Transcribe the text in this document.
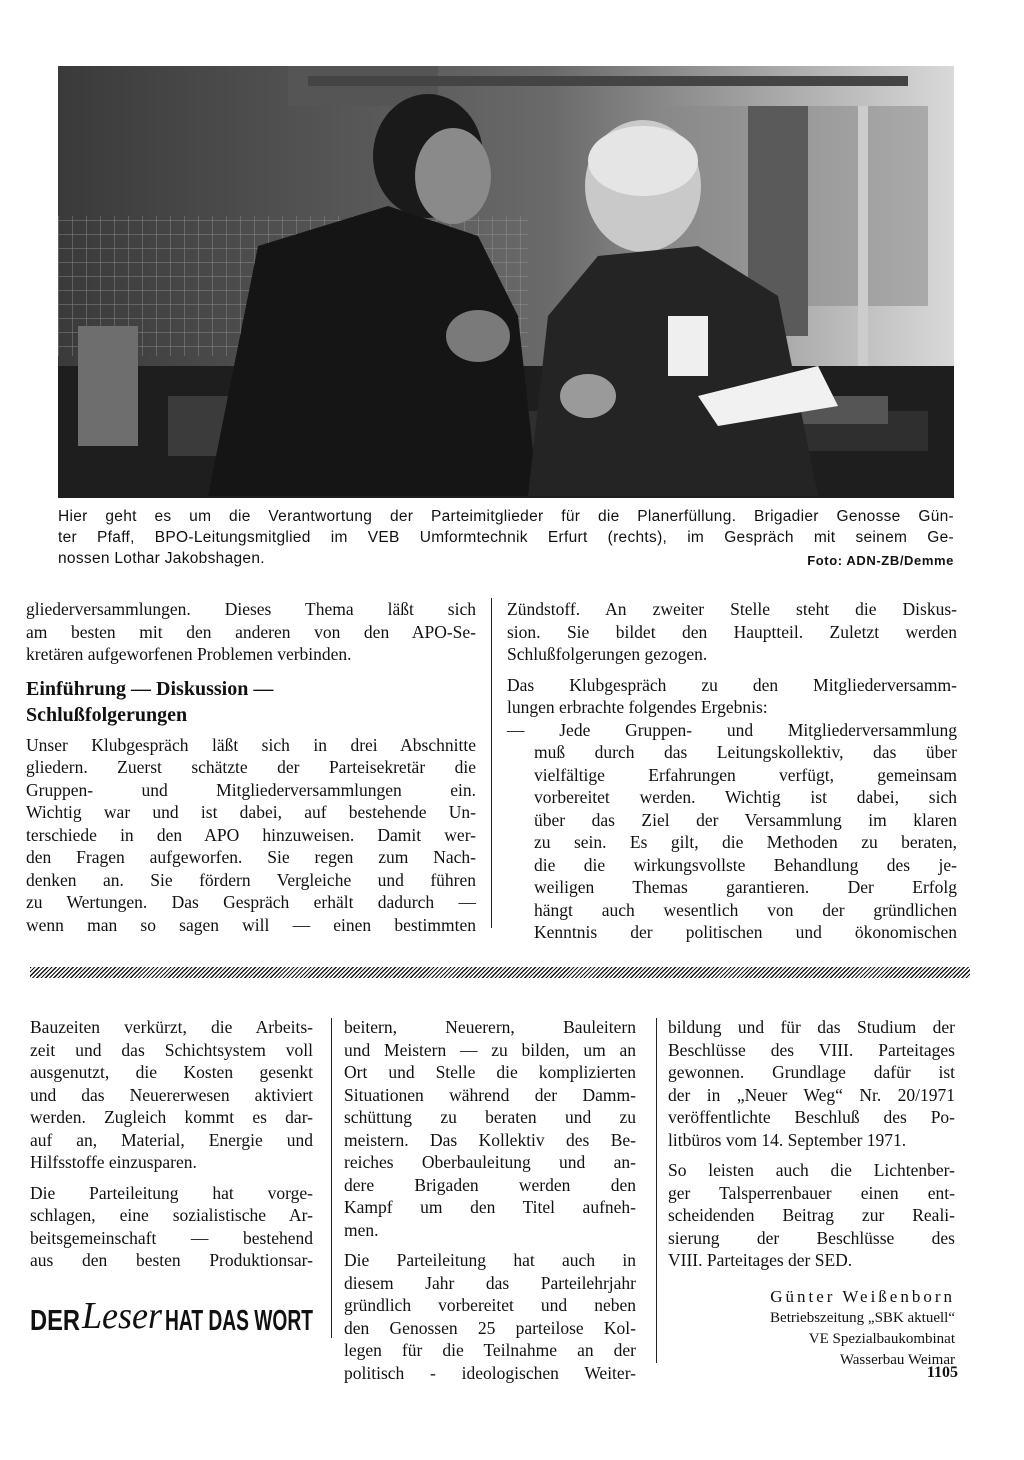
Hier geht es um die Verantwortung der Parteimitglieder für die Planerfüllung. Brigadier Genosse Gün-
ter Pfaff, BPO-Leitungsmitglied im VEB Umformtechnik Erfurt (rechts), im Gespräch mit seinem Ge-
nossen Lothar Jakobshagen.	Foto: ADN-ZB/Demme
gliederversammlungen. Dieses Thema läßt sich
am besten mit den anderen von den APO-Se-
kretären aufgeworfenen Problemen verbinden.
Einführung — Diskussion —
Schlußfolgerungen
Unser Klubgespräch läßt sich in drei Abschnitte
gliedern. Zuerst schätzte der Parteisekretär die
Gruppen- und Mitgliederversammlungen ein.
Wichtig war und ist dabei, auf bestehende Un-
terschiede in den APO hinzuweisen. Damit wer-
den Fragen aufgeworfen. Sie regen zum Nach-
denken an. Sie fördern Vergleiche und führen
zu Wertungen. Das Gespräch erhält dadurch —
wenn man so sagen will — einen bestimmten
Zündstoff. An zweiter Stelle steht die Diskus-
sion. Sie bildet den Hauptteil. Zuletzt werden
Schlußfolgerungen gezogen.
Das Klubgespräch zu den Mitgliederversamm-
lungen erbrachte folgendes Ergebnis:
— Jede Gruppen- und Mitgliederversammlung
muß durch das Leitungskollektiv, das über
vielfältige Erfahrungen verfügt, gemeinsam
vorbereitet werden. Wichtig ist dabei, sich
über das Ziel der Versammlung im klaren
zu sein. Es gilt, die Methoden zu beraten,
die die wirkungsvollste Behandlung des je-
weiligen Themas garantieren. Der Erfolg
hängt auch wesentlich von der gründlichen
Kenntnis der politischen und ökonomischen
Bauzeiten verkürzt, die Arbeits-
zeit und das Schichtsystem voll
ausgenutzt, die Kosten gesenkt
und das Neuererwesen aktiviert
werden. Zugleich kommt es dar-
auf an, Material, Energie und
Hilfsstoffe einzusparen.
Die Parteileitung hat vorge-
schlagen, eine sozialistische Ar-
beitsgemeinschaft — bestehend
aus den besten Produktionsar-
beitern, Neuerern, Bauleitern
und Meistern — zu bilden, um an
Ort und Stelle die komplizierten
Situationen während der Damm-
schüttung zu beraten und zu
meistern. Das Kollektiv des Be-
reiches Oberbauleitung und an-
dere Brigaden werden den
Kampf um den Titel aufneh-
men.
Die Parteileitung hat auch in
diesem Jahr das Parteilehrjahr
gründlich vorbereitet und neben
den Genossen 25 parteilose Kol-
legen für die Teilnahme an der
politisch - ideologischen Weiter-
bildung und für das Studium der
Beschlüsse des VIII. Parteitages
gewonnen. Grundlage dafür ist
der in „Neuer Weg“ Nr. 20/1971
veröffentlichte Beschluß des Po-
litbüros vom 14. September 1971.
So leisten auch die Lichtenber-
ger Talsperrenbauer einen ent-
scheidenden Beitrag zur Reali-
sierung der Beschlüsse des
VIII. Parteitages der SED.
Günter Weißenborn
Betriebszeitung „SBK aktuell“
VE Spezialbaukombinat
Wasserbau Weimar
DER Leser HAT DAS WORT
1105
